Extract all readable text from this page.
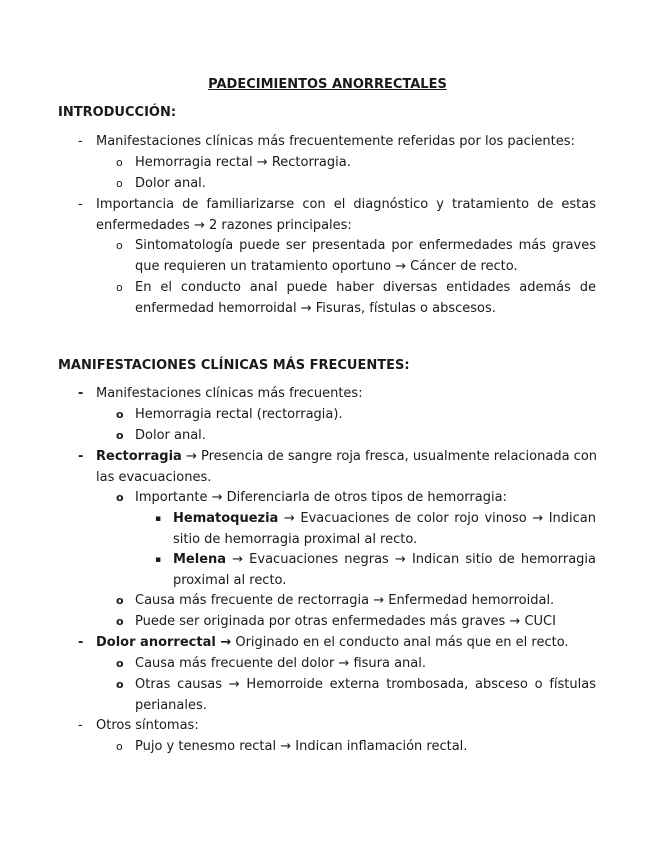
PADECIMIENTOS ANORRECTALES
INTRODUCCIÓN:
- Manifestaciones clínicas más frecuentemente referidas por los pacientes:
o Hemorragia rectal → Rectorragia.
o Dolor anal.
- Importancia de familiarizarse con el diagnóstico y tratamiento de estas
enfermedades → 2 razones principales:
o Sintomatología puede ser presentada por enfermedades más graves
que requieren un tratamiento oportuno → Cáncer de recto.
o En el conducto anal puede haber diversas entidades además de
enfermedad hemorroidal → Fisuras, fístulas o abscesos.
MANIFESTACIONES CLÍNICAS MÁS FRECUENTES:
- Manifestaciones clínicas más frecuentes:
o Hemorragia rectal (rectorragia).
o Dolor anal.
- Rectorragia → Presencia de sangre roja fresca, usualmente relacionada con
las evacuaciones.
o Importante → Diferenciarla de otros tipos de hemorragia:
▪ Hematoquezia → Evacuaciones de color rojo vinoso → Indican
sitio de hemorragia proximal al recto.
▪ Melena → Evacuaciones negras → Indican sitio de hemorragia
proximal al recto.
o Causa más frecuente de rectorragia → Enfermedad hemorroidal.
o Puede ser originada por otras enfermedades más graves → CUCI
- Dolor anorrectal → Originado en el conducto anal más que en el recto.
o Causa más frecuente del dolor → fisura anal.
o Otras causas → Hemorroide externa trombosada, absceso o fístulas
perianales.
- Otros síntomas:
o Pujo y tenesmo rectal → Indican inflamación rectal.
